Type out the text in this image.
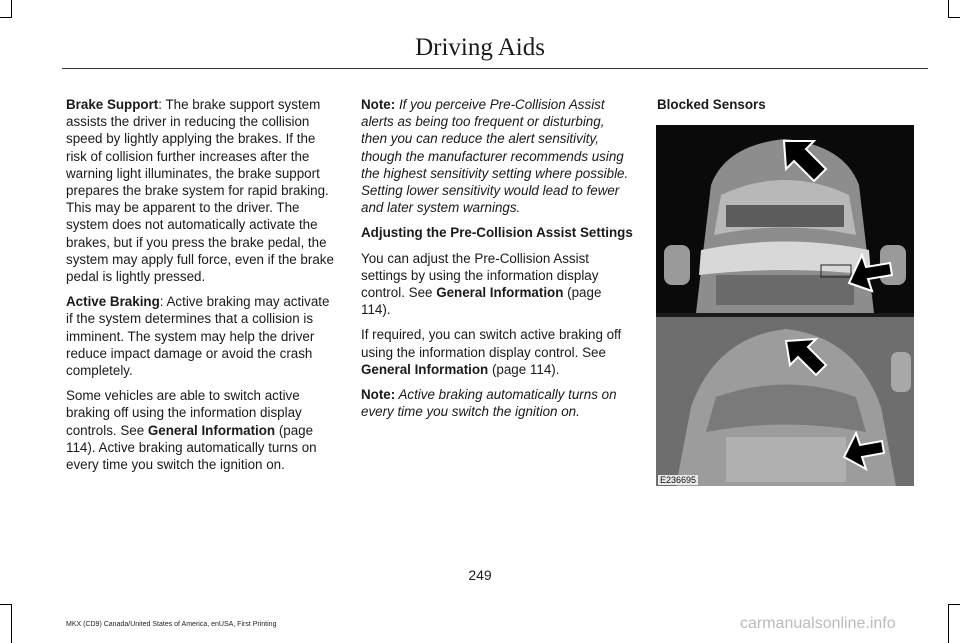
Driving Aids

Brake Support: The brake support system assists the driver in reducing the collision speed by lightly applying the brakes. If the risk of collision further increases after the warning light illuminates, the brake support prepares the brake system for rapid braking. This may be apparent to the driver. The system does not automatically activate the brakes, but if you press the brake pedal, the system may apply full force, even if the brake pedal is lightly pressed.

Active Braking: Active braking may activate if the system determines that a collision is imminent. The system may help the driver reduce impact damage or avoid the crash completely.

Some vehicles are able to switch active braking off using the information display controls. See General Information (page 114). Active braking automatically turns on every time you switch the ignition on.

Note: If you perceive Pre-Collision Assist alerts as being too frequent or disturbing, then you can reduce the alert sensitivity, though the manufacturer recommends using the highest sensitivity setting where possible. Setting lower sensitivity would lead to fewer and later system warnings.

Adjusting the Pre-Collision Assist Settings

You can adjust the Pre-Collision Assist settings by using the information display control. See General Information (page 114).

If required, you can switch active braking off using the information display control. See General Information (page 114).

Note: Active braking automatically turns on every time you switch the ignition on.

Blocked Sensors

E236695
249
MKX (CD9) Canada/United States of America, enUSA, First Printing	carmanualsonline.info
